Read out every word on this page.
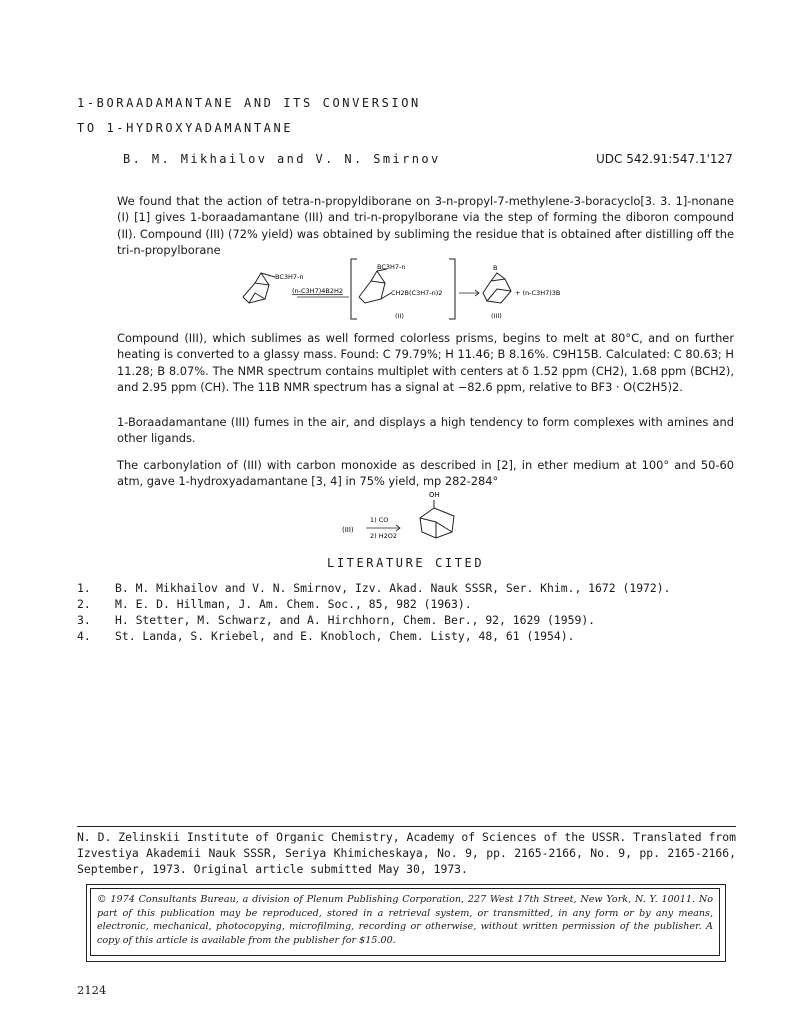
1-BORAADAMANTANE AND ITS CONVERSION
TO 1-HYDROXYADAMANTANE
B. M. Mikhailov and V. N. Smirnov	UDC 542.91:547.1'127
We found that the action of tetra-n-propyldiborane on 3-n-propyl-7-methylene-3-boracyclo[3. 3. 1]-nonane (I) [1] gives 1-boraadamantane (III) and tri-n-propylborane via the step of forming the diboron compound (II). Compound (III) (72% yield) was obtained by subliming the residue that is obtained after distilling off the tri-n-propylborane
BC3H7-n
(n-C3H7)4B2H2
BC3H7-n
CH2B(C3H7-n)2
(II)
B
(III)
+ (n-C3H7)3B
Compound (III), which sublimes as well formed colorless prisms, begins to melt at 80°C, and on further heating is converted to a glassy mass. Found: C 79.79%; H 11.46; B 8.16%. C9H15B. Calculated: C 80.63; H 11.28; B 8.07%. The NMR spectrum contains multiplet with centers at δ 1.52 ppm (CH2), 1.68 ppm (BCH2), and 2.95 ppm (CH). The 11B NMR spectrum has a signal at −82.6 ppm, relative to BF3 · O(C2H5)2.
1-Boraadamantane (III) fumes in the air, and displays a high tendency to form complexes with amines and other ligands.
The carbonylation of (III) with carbon monoxide as described in [2], in ether medium at 100° and 50-60 atm, gave 1-hydroxyadamantane [3, 4] in 75% yield, mp 282-284°
(III)
1) CO
2) H2O2
OH
LITERATURE CITED
1.	B. M. Mikhailov and V. N. Smirnov, Izv. Akad. Nauk SSSR, Ser. Khim., 1672 (1972).
2.	M. E. D. Hillman, J. Am. Chem. Soc., 85, 982 (1963).
3.	H. Stetter, M. Schwarz, and A. Hirchhorn, Chem. Ber., 92, 1629 (1959).
4.	St. Landa, S. Kriebel, and E. Knobloch, Chem. Listy, 48, 61 (1954).
N. D. Zelinskii Institute of Organic Chemistry, Academy of Sciences of the USSR. Translated from Izvestiya Akademii Nauk SSSR, Seriya Khimicheskaya, No. 9, pp. 2165-2166, No. 9, pp. 2165-2166, September, 1973. Original article submitted May 30, 1973.
© 1974 Consultants Bureau, a division of Plenum Publishing Corporation, 227 West 17th Street, New York, N. Y. 10011. No part of this publication may be reproduced, stored in a retrieval system, or transmitted, in any form or by any means, electronic, mechanical, photocopying, microfilming, recording or otherwise, without written permission of the publisher. A copy of this article is available from the publisher for $15.00.
2124
